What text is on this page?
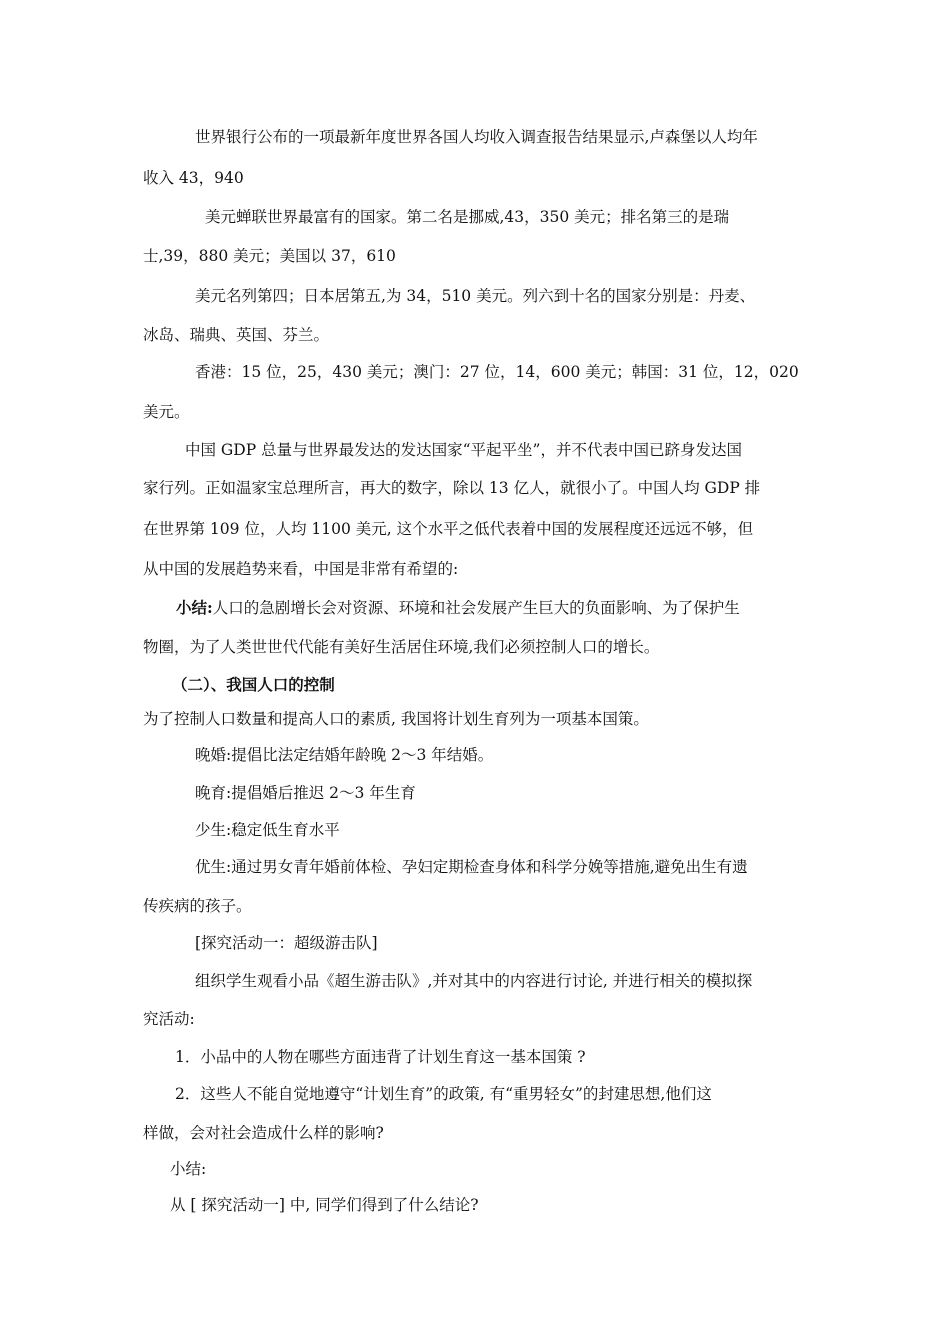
世界银行公布的一项最新年度世界各国人均收入调查报告结果显示,卢森堡以人均年
收入 43，940
美元蝉联世界最富有的国家。第二名是挪威,43，350 美元；排名第三的是瑞
士,39，880 美元；美国以 37，610
美元名列第四；日本居第五,为 34，510 美元。列六到十名的国家分别是：丹麦、
冰岛、瑞典、英国、芬兰。
香港：15 位，25，430 美元；澳门：27 位，14，600 美元；韩国：31 位，12，020
美元。
中国 GDP 总量与世界最发达的发达国家“平起平坐”，并不代表中国已跻身发达国
家行列。正如温家宝总理所言，再大的数字，除以 13 亿人，就很小了。中国人均 GDP 排
在世界第 109 位，人均 1100 美元, 这个水平之低代表着中国的发展程度还远远不够，但
从中国的发展趋势来看，中国是非常有希望的:
小结:人口的急剧增长会对资源、环境和社会发展产生巨大的负面影响、为了保护生
物圈，为了人类世世代代能有美好生活居住环境,我们必须控制人口的增长。
（二）、我国人口的控制
为了控制人口数量和提高人口的素质, 我国将计划生育列为一项基本国策。
晚婚:提倡比法定结婚年龄晚 2～3 年结婚。
晚育:提倡婚后推迟 2～3 年生育
少生:稳定低生育水平
优生:通过男女青年婚前体检、孕妇定期检查身体和科学分娩等措施,避免出生有遗
传疾病的孩子。
[探究活动一：超级游击队]
组织学生观看小品《超生游击队》,并对其中的内容进行讨论, 并进行相关的模拟探
究活动:
1．小品中的人物在哪些方面违背了计划生育这一基本国策 ?
2．这些人不能自觉地遵守“计划生育”的政策, 有“重男轻女”的封建思想,他们这
样做，会对社会造成什么样的影响?
小结:
从 [ 探究活动一] 中, 同学们得到了什么结论?
